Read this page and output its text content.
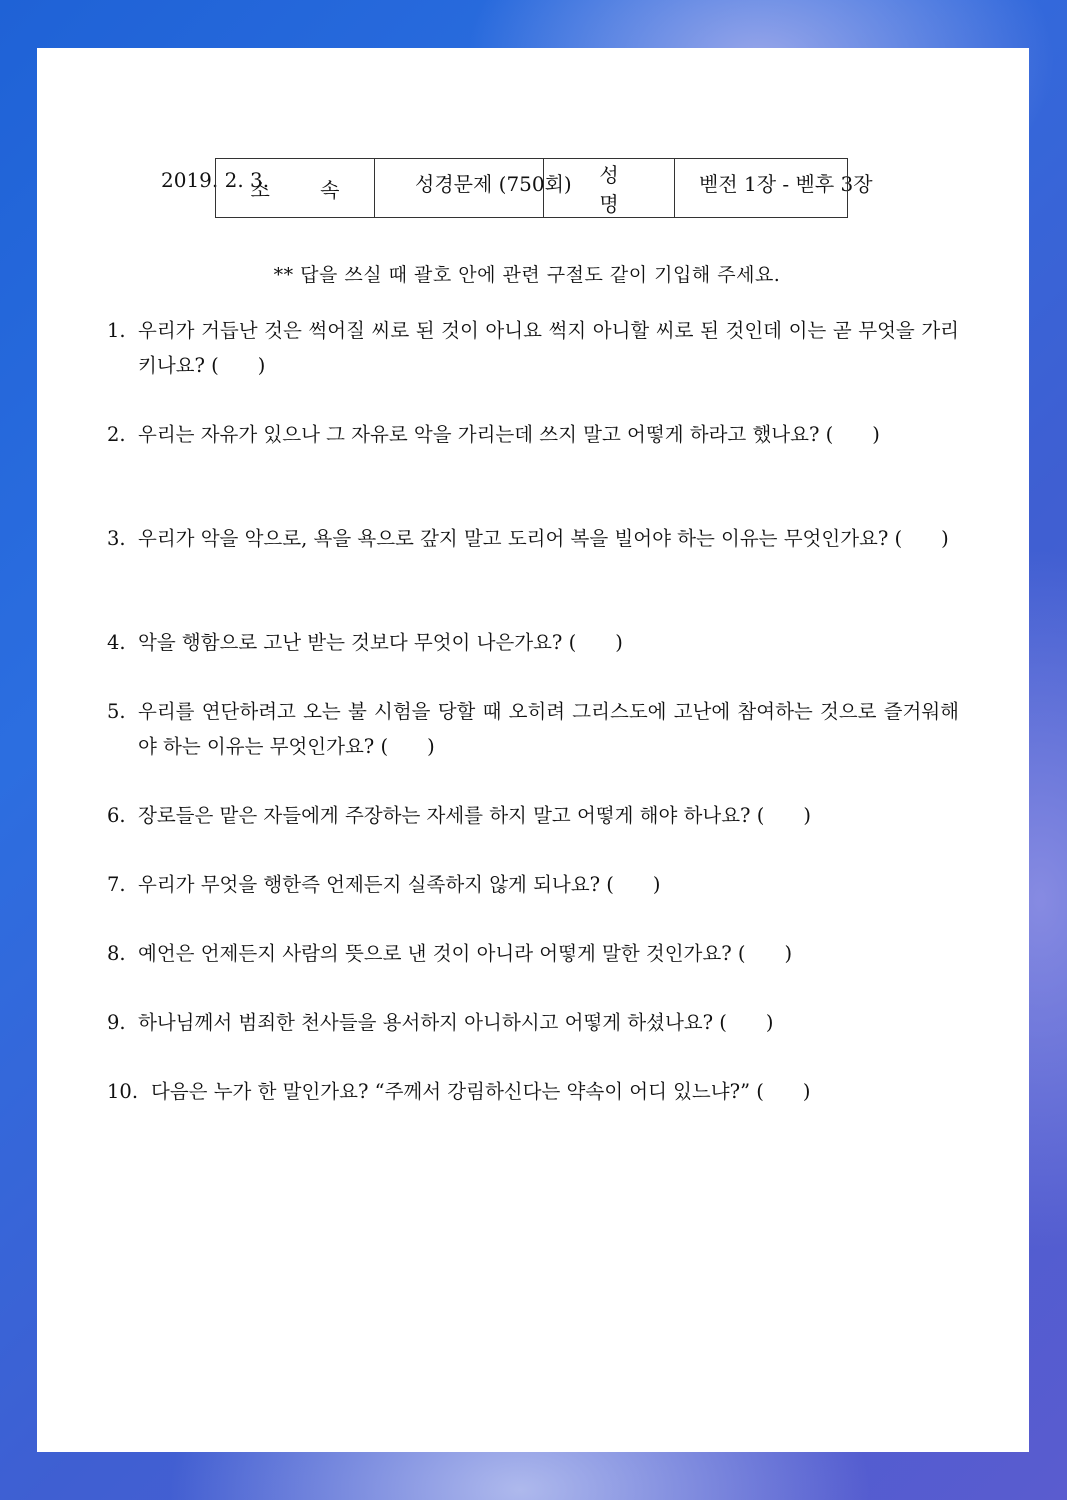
2019. 2. 3.	성경문제 (750회)	벧전 1장 - 벧후 3장
소 속		성 명	
** 답을 쓰실 때 괄호 안에 관련 구절도 같이 기입해 주세요.
1. 우리가 거듭난 것은 썩어질 씨로 된 것이 아니요 썩지 아니할 씨로 된 것인데 이는 곧 무엇을 가리키나요? (　　)
2. 우리는 자유가 있으나 그 자유로 악을 가리는데 쓰지 말고 어떻게 하라고 했나요? (　　)
3. 우리가 악을 악으로, 욕을 욕으로 갚지 말고 도리어 복을 빌어야 하는 이유는 무엇인가요? (　　)
4. 악을 행함으로 고난 받는 것보다 무엇이 나은가요? (　　)
5. 우리를 연단하려고 오는 불 시험을 당할 때 오히려 그리스도에 고난에 참여하는 것으로 즐거워해야 하는 이유는 무엇인가요? (　　)
6. 장로들은 맡은 자들에게 주장하는 자세를 하지 말고 어떻게 해야 하나요? (　　)
7. 우리가 무엇을 행한즉 언제든지 실족하지 않게 되나요? (　　)
8. 예언은 언제든지 사람의 뜻으로 낸 것이 아니라 어떻게 말한 것인가요? (　　)
9. 하나님께서 범죄한 천사들을 용서하지 아니하시고 어떻게 하셨나요? (　　)
10. 다음은 누가 한 말인가요? “주께서 강림하신다는 약속이 어디 있느냐?” (　　)
